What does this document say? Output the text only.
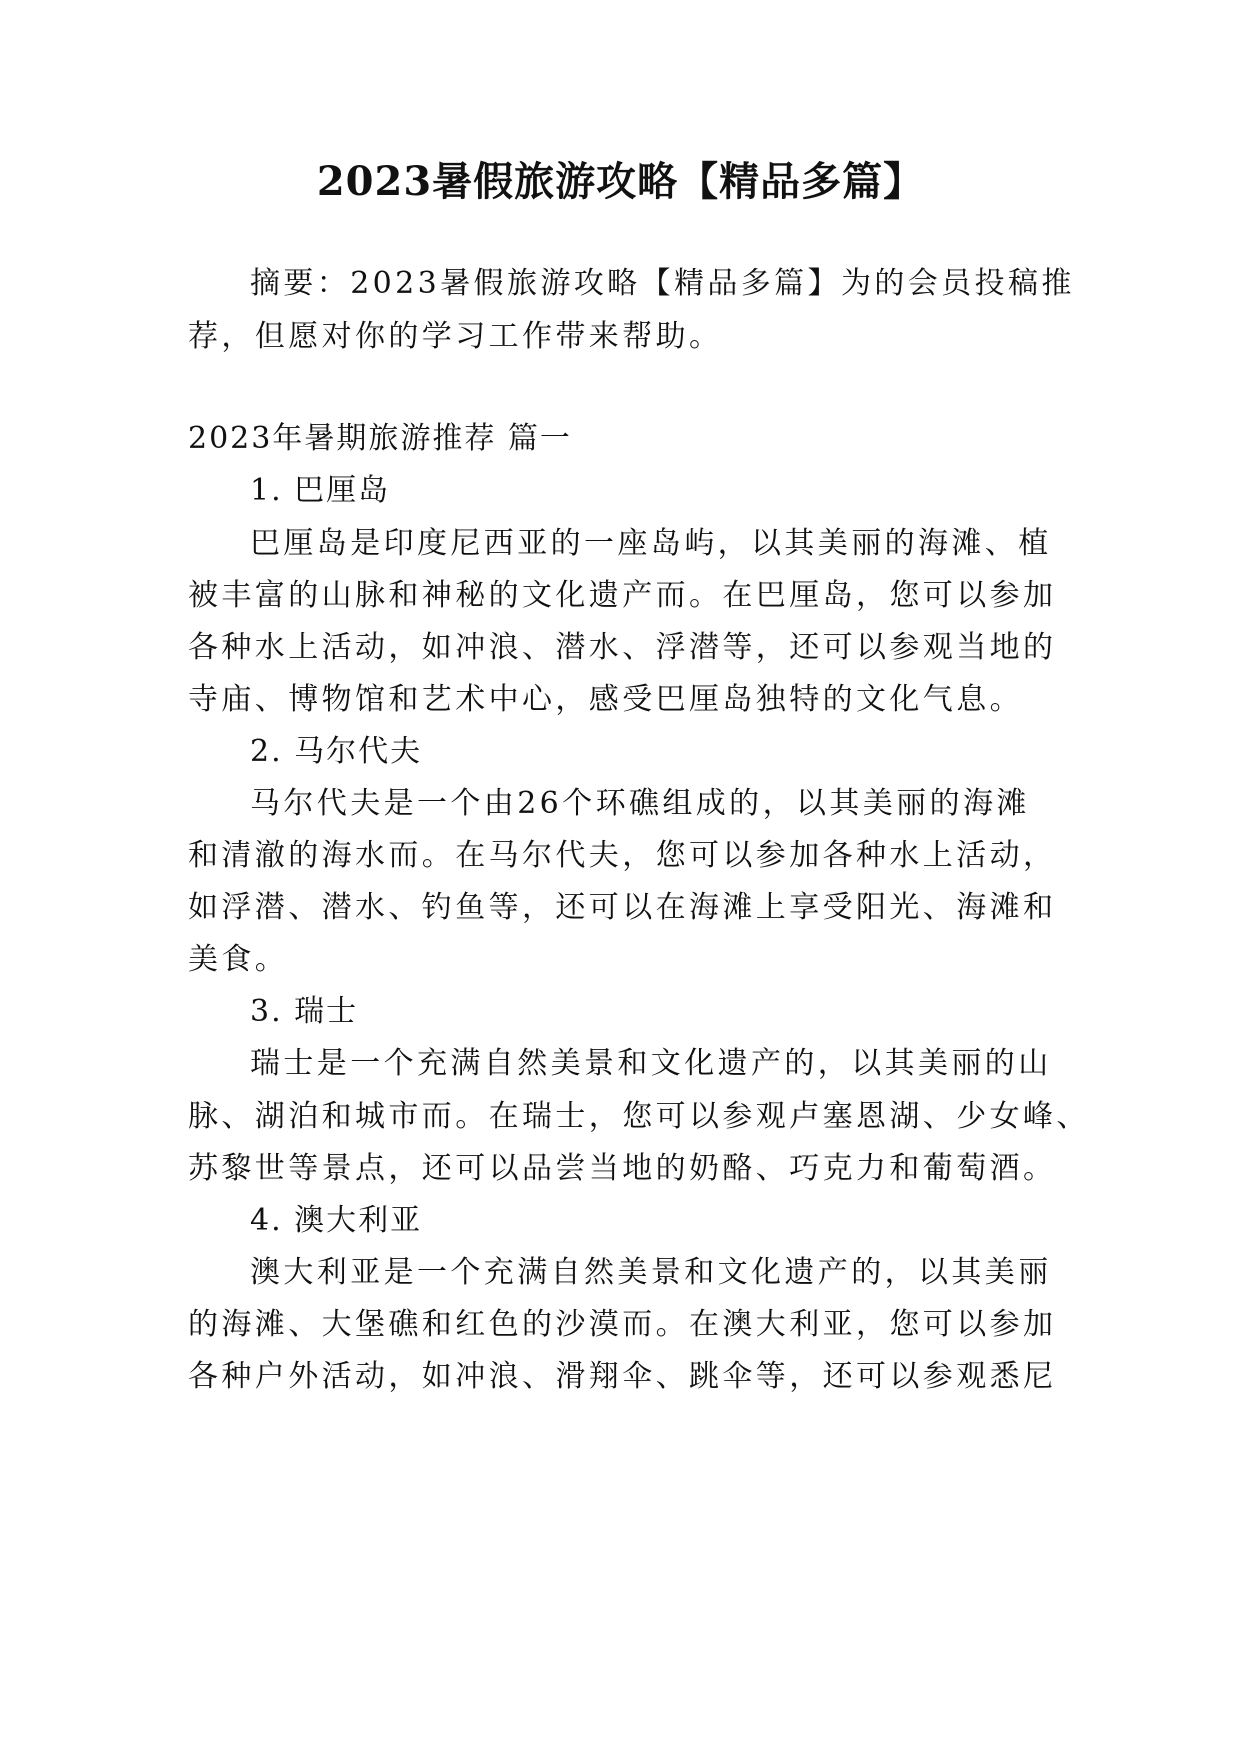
2023暑假旅游攻略【精品多篇】
摘要：2023暑假旅游攻略【精品多篇】为的会员投稿推
荐，但愿对你的学习工作带来帮助。
2023年暑期旅游推荐 篇一
1. 巴厘岛
巴厘岛是印度尼西亚的一座岛屿，以其美丽的海滩、植
被丰富的山脉和神秘的文化遗产而。在巴厘岛，您可以参加
各种水上活动，如冲浪、潜水、浮潜等，还可以参观当地的
寺庙、博物馆和艺术中心，感受巴厘岛独特的文化气息。
2. 马尔代夫
马尔代夫是一个由26个环礁组成的，以其美丽的海滩
和清澈的海水而。在马尔代夫，您可以参加各种水上活动，
如浮潜、潜水、钓鱼等，还可以在海滩上享受阳光、海滩和
美食。
3. 瑞士
瑞士是一个充满自然美景和文化遗产的，以其美丽的山
脉、湖泊和城市而。在瑞士，您可以参观卢塞恩湖、少女峰、
苏黎世等景点，还可以品尝当地的奶酪、巧克力和葡萄酒。
4. 澳大利亚
澳大利亚是一个充满自然美景和文化遗产的，以其美丽
的海滩、大堡礁和红色的沙漠而。在澳大利亚，您可以参加
各种户外活动，如冲浪、滑翔伞、跳伞等，还可以参观悉尼
